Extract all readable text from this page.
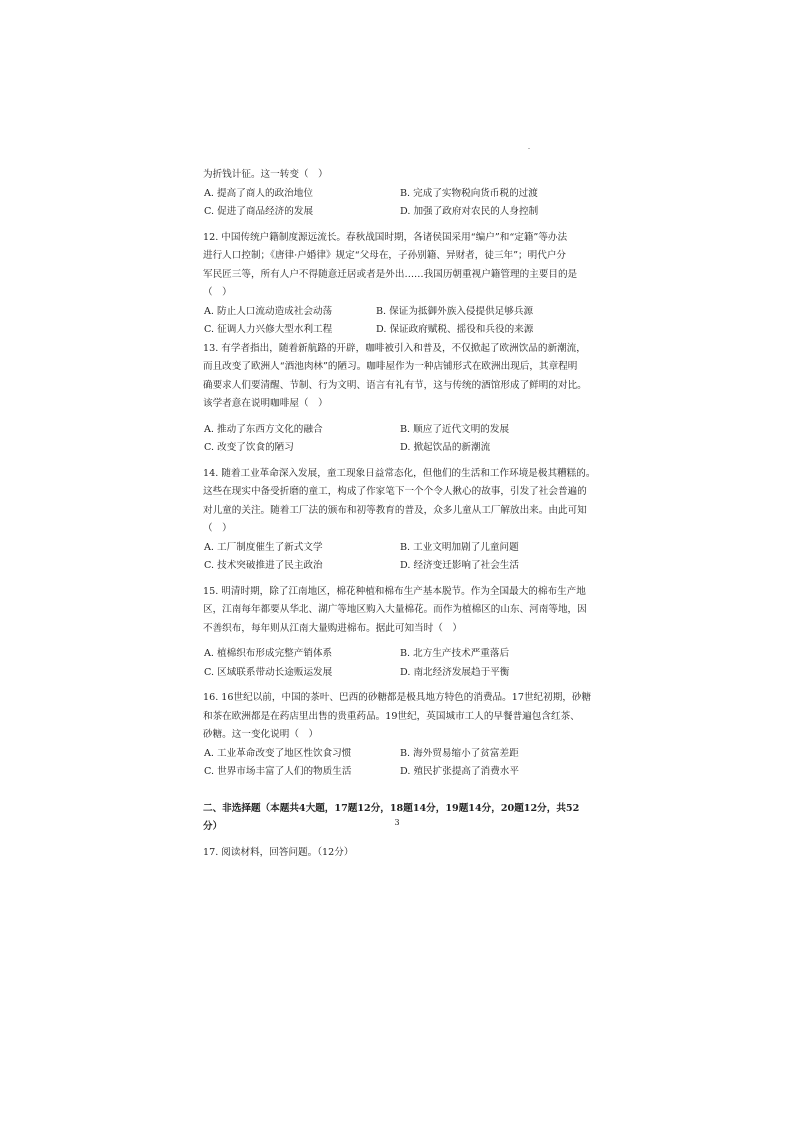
为折钱计征。这一转变（　）
A. 提高了商人的政治地位	B. 完成了实物税向货币税的过渡
C. 促进了商品经济的发展	D. 加强了政府对农民的人身控制
12. 中国传统户籍制度源远流长。春秋战国时期，各诸侯国采用“编户”和“定籍”等办法
进行人口控制；《唐律·户婚律》规定“父母在，子孙别籍、异财者，徒三年”；明代户分
军民匠三等，所有人户不得随意迁居或者是外出……我国历朝重视户籍管理的主要目的是
（　）
A. 防止人口流动造成社会动荡	B. 保证为抵御外族入侵提供足够兵源
C. 征调人力兴修大型水利工程	D. 保证政府赋税、摇役和兵役的来源
13. 有学者指出，随着新航路的开辟，咖啡被引入和普及，不仅掀起了欧洲饮品的新潮流，
而且改变了欧洲人“酒池肉林”的陋习。咖啡屋作为一种店铺形式在欧洲出现后，其章程明
确要求人们要清醒、节制、行为文明、语言有礼有节，这与传统的酒馆形成了鲜明的对比。
该学者意在说明咖啡屋（　）
A. 推动了东西方文化的融合	B. 顺应了近代文明的发展
C. 改变了饮食的陋习	D. 掀起饮品的新潮流
14. 随着工业革命深入发展，童工现象日益常态化，但他们的生活和工作环境是极其糟糕的。
这些在现实中备受折磨的童工，构成了作家笔下一个个令人揪心的故事，引发了社会普遍的
对儿童的关注。随着工厂法的颁布和初等教育的普及，众多儿童从工厂解放出来。由此可知
（　）
A. 工厂制度催生了新式文学	B. 工业文明加剧了儿童问题
C. 技术突破推进了民主政治	D. 经济变迁影响了社会生活
15. 明清时期，除了江南地区，棉花种植和棉布生产基本脱节。作为全国最大的棉布生产地
区，江南每年都要从华北、湖广等地区购入大量棉花。而作为植棉区的山东、河南等地，因
不善织布，每年则从江南大量购进棉布。据此可知当时（　）
A. 植棉织布形成完整产销体系	B. 北方生产技术严重落后
C. 区域联系带动长途贩运发展	D. 南北经济发展趋于平衡
16. 16世纪以前，中国的茶叶、巴西的砂糖都是极具地方特色的消费品。17世纪初期，砂糖
和茶在欧洲都是在药店里出售的贵重药品。19世纪，英国城市工人的早餐普遍包含红茶、
砂糖。这一变化说明（　）
A. 工业革命改变了地区性饮食习惯	B. 海外贸易缩小了贫富差距
C. 世界市场丰富了人们的物质生活	D. 殖民扩张提高了消费水平
二、非选择题（本题共4大题，17题12分，18题14分，19题14分，20题12分，共52
分）
17. 阅读材料，回答问题。（12分）
3
